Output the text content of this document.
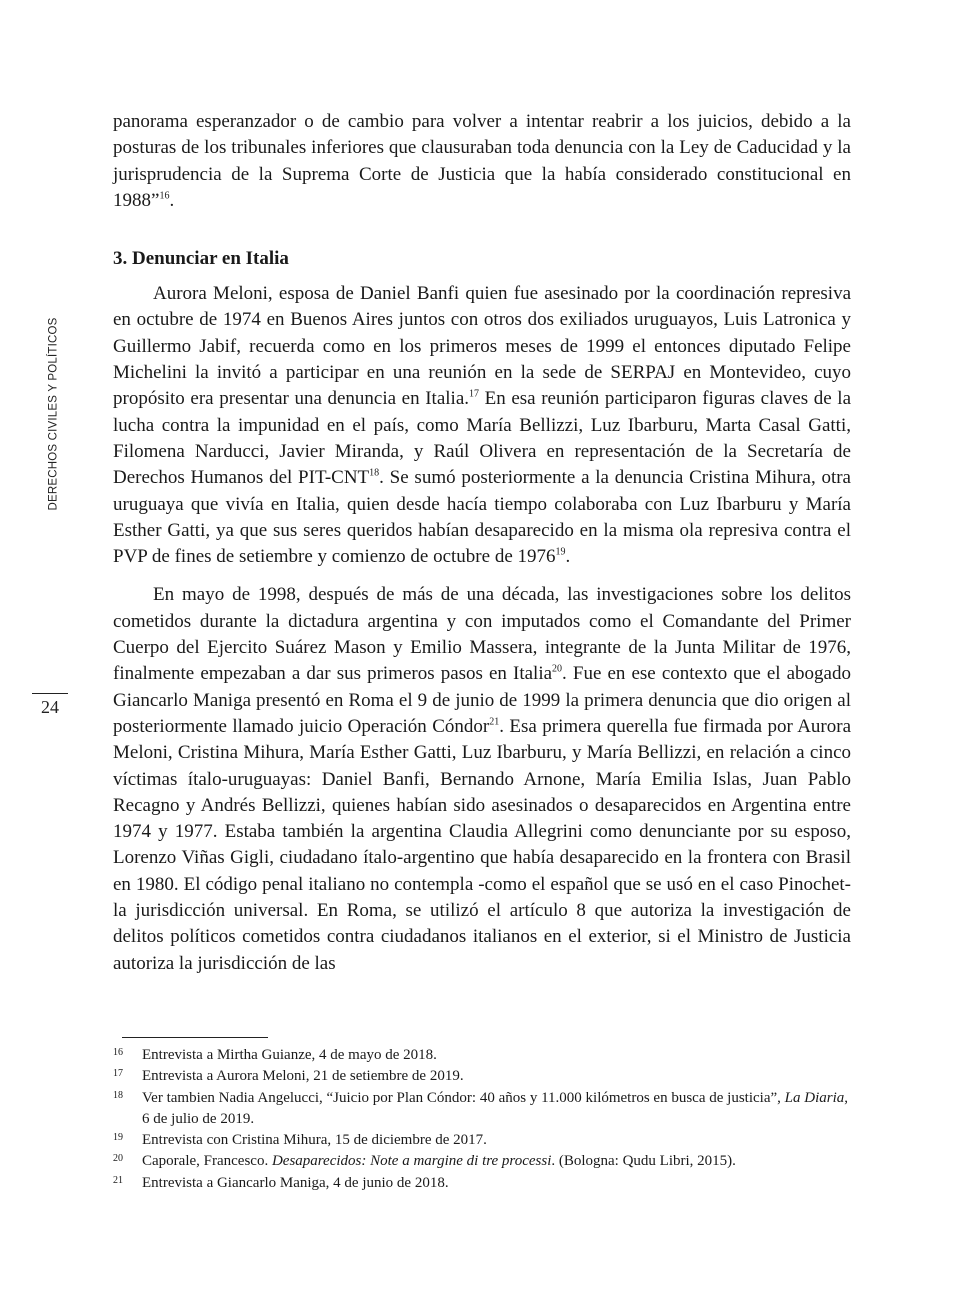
DERECHOS CIVILES Y POLÍTICOS
24

panorama esperanzador o de cambio para volver a intentar reabrir a los juicios, debido a la posturas de los tribunales inferiores que clausuraban toda denuncia con la Ley de Caducidad y la jurisprudencia de la Suprema Corte de Justicia que la había considerado constitucional en 1988”$^{16}$.

3. Denunciar en Italia

Aurora Meloni, esposa de Daniel Banfi quien fue asesinado por la coordinación represiva en octubre de 1974 en Buenos Aires juntos con otros dos exiliados uruguayos, Luis Latronica y Guillermo Jabif, recuerda como en los primeros meses de 1999 el entonces diputado Felipe Michelini la invitó a participar en una reunión en la sede de SERPAJ en Montevideo, cuyo propósito era presentar una denuncia en Italia.$^{17}$ En esa reunión participaron figuras claves de la lucha contra la impunidad en el país, como María Bellizzi, Luz Ibarburu, Marta Casal Gatti, Filomena Narducci, Javier Miranda, y Raúl Olivera en representación de la Secretaría de Derechos Humanos del PIT-CNT$^{18}$. Se sumó posteriormente a la denuncia Cristina Mihura, otra uruguaya que vivía en Italia, quien desde hacía tiempo colaboraba con Luz Ibarburu y María Esther Gatti, ya que sus seres queridos habían desaparecido en la misma ola represiva contra el PVP de fines de setiembre y comienzo de octubre de 1976$^{19}$.

En mayo de 1998, después de más de una década, las investigaciones sobre los delitos cometidos durante la dictadura argentina y con imputados como el Comandante del Primer Cuerpo del Ejercito Suárez Mason y Emilio Massera, integrante de la Junta Militar de 1976, finalmente empezaban a dar sus primeros pasos en Italia$^{20}$. Fue en ese contexto que el abogado Giancarlo Maniga presentó en Roma el 9 de junio de 1999 la primera denuncia que dio origen al posteriormente llamado juicio Operación Cóndor$^{21}$. Esa primera querella fue firmada por Aurora Meloni, Cristina Mihura, María Esther Gatti, Luz Ibarburu, y María Bellizzi, en relación a cinco víctimas ítalo-uruguayas: Daniel Banfi, Bernando Arnone, María Emilia Islas, Juan Pablo Recagno y Andrés Bellizzi, quienes habían sido asesinados o desaparecidos en Argentina entre 1974 y 1977. Estaba también la argentina Claudia Allegrini como denunciante por su esposo, Lorenzo Viñas Gigli, ciudadano ítalo-argentino que había desaparecido en la frontera con Brasil en 1980. El código penal italiano no contempla -como el español que se usó en el caso Pinochet- la jurisdicción universal. En Roma, se utilizó el artículo 8 que autoriza la investigación de delitos políticos cometidos contra ciudadanos italianos en el exterior, si el Ministro de Justicia autoriza la jurisdicción de las

16	Entrevista a Mirtha Guianze, 4 de mayo de 2018.
17	Entrevista a Aurora Meloni, 21 de setiembre de 2019.
18	Ver tambien Nadia Angelucci, “Juicio por Plan Cóndor: 40 años y 11.000 kilómetros en busca de justicia”, La Diaria, 6 de julio de 2019.
19	Entrevista con Cristina Mihura, 15 de diciembre de 2017.
20	Caporale, Francesco. Desaparecidos: Note a margine di tre processi. (Bologna: Qudu Libri, 2015).
21	Entrevista a Giancarlo Maniga, 4 de junio de 2018.
